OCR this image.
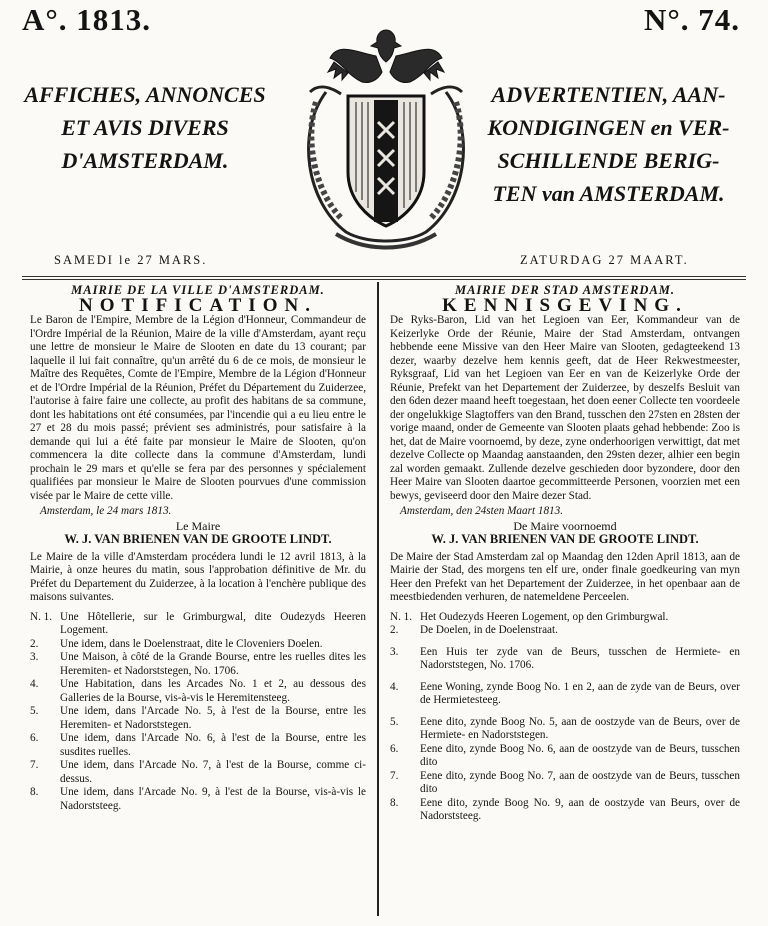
A°. 1813.	N°. 74.
AFFICHES, ANNONCES
ET AVIS DIVERS
D'AMSTERDAM.
ADVERTENTIEN, AAN-
KONDIGINGEN en VER-
SCHILLENDE BERIG-
TEN van AMSTERDAM.
SAMEDI le 27 MARS.	ZATURDAG 27 MAART.
MAIRIE DE LA VILLE D'AMSTERDAM.
NOTIFICATION.

Le Baron de l'Empire, Membre de la Légion d'Honneur, Commandeur de l'Ordre Impérial de la Réunion, Maire de la ville d'Amsterdam, ayant reçu une lettre de monsieur le Maire de Slooten en date du 13 courant; par laquelle il lui fait connaître, qu'un arrêté du 6 de ce mois, de monsieur le Maître des Requêtes, Comte de l'Empire, Membre de la Légion d'Honneur et de l'Ordre Impérial de la Réunion, Préfet du Département du Zuiderzee, l'autorise à faire faire une collecte, au profit des habitans de sa commune, dont les habitations ont été consumées, par l'incendie qui a eu lieu entre le 27 et 28 du mois passé; prévient ses administrés, pour satisfaire à la demande qui lui a été faite par monsieur le Maire de Slooten, qu'on commencera la dite collecte dans la commune d'Amsterdam, lundi prochain le 29 mars et qu'elle se fera par des personnes y spécialement qualifiées par monsieur le Maire de Slooten pourvues d'une commission visée par le Maire de cette ville.

Amsterdam, le 24 mars 1813.
Le Maire
W. J. VAN BRIENEN VAN DE GROOTE LINDT.

Le Maire de la ville d'Amsterdam procédera lundi le 12 avril 1813, à la Mairie, à onze heures du matin, sous l'approbation définitive de Mr. du Préfet du Departement du Zuiderzee, à la location à l'enchère publique des maisons suivantes.

N. 1. Une Hôtellerie, sur le Grimburgwal, dite Oudezyds Heeren Logement.
2.	Une idem, dans le Doelenstraat, dite le Cloveniers Doelen.
3.	Une Maison, à côté de la Grande Bourse, entre les ruelles dites les Heremiten- et Nadorststegen, No. 1706.
4.	Une Habitation, dans les Arcades No. 1 et 2, au dessous des Galleries de la Bourse, vis-à-vis le Heremitensteeg.
5.	Une idem, dans l'Arcade No. 5, à l'est de la Bourse, entre les Heremiten- et Nadorststegen.
6.	Une idem, dans l'Arcade No. 6, à l'est de la Bourse, entre les susdites ruelles.
7.	Une idem, dans l'Arcade No. 7, à l'est de la Bourse, comme ci-dessus.
8.	Une idem, dans l'Arcade No. 9, à l'est de la Bourse, vis-à-vis le Nadorststeeg.
MAIRIE DER STAD AMSTERDAM.
KENNISGEVING.

De Ryks-Baron, Lid van het Legioen van Eer, Kommandeur van de Keizerlyke Orde der Réunie, Maire der Stad Amsterdam, ontvangen hebbende eene Missive van den Heer Maire van Slooten, gedagteekend 13 dezer, waarby dezelve hem kennis geeft, dat de Heer Rekwestmeester, Ryksgraaf, Lid van het Legioen van Eer en van de Keizerlyke Orde der Réunie, Prefekt van het Departement der Zuiderzee, by deszelfs Besluit van den 6den dezer maand heeft toegestaan, het doen eener Collecte ten voordeele der ongelukkige Slagtoffers van den Brand, tusschen den 27sten en 28sten der vorige maand, onder de Gemeente van Slooten plaats gehad hebbende: Zoo is het, dat de Maire voornoemd, by deze, zyne onderhoorigen verwittigt, dat met dezelve Collecte op Maandag aanstaanden, den 29sten dezer, alhier een begin zal worden gemaakt. Zullende dezelve geschieden door byzondere, door den Heer Maire van Slooten daartoe gecommitteerde Personen, voorzien met een bewys, geviseerd door den Maire dezer Stad.

Amsterdam, den 24sten Maart 1813.
De Maire voornoemd
W. J. VAN BRIENEN VAN DE GROOTE LINDT.

De Maire der Stad Amsterdam zal op Maandag den 12den April 1813, aan de Mairie der Stad, des morgens ten elf ure, onder finale goedkeuring van myn Heer den Prefekt van het Departement der Zuiderzee, in het openbaar aan de meestbiedenden verhuren, de natemeldene Perceelen.

N. 1. Het Oudezyds Heeren Logement, op den Grimburgwal.
2.	De Doelen, in de Doelenstraat.
3.	Een Huis ter zyde van de Beurs, tusschen de Hermiete- en Nadorststegen, No. 1706.
4.	Eene Woning, zynde Boog No. 1 en 2, aan de zyde van de Beurs, over de Hermietesteeg.
5.	Eene dito, zynde Boog No. 5, aan de oostzyde van de Beurs, over de Hermiete- en Nadorststegen.
6.	Eene dito, zynde Boog No. 6, aan de oostzyde van de Beurs, tusschen dito
7.	Eene dito, zynde Boog No. 7, aan de oostzyde van de Beurs, tusschen dito
8.	Eene dito, zynde Boog No. 9, aan de oostzyde van Beurs, over de Nadorststeeg.
